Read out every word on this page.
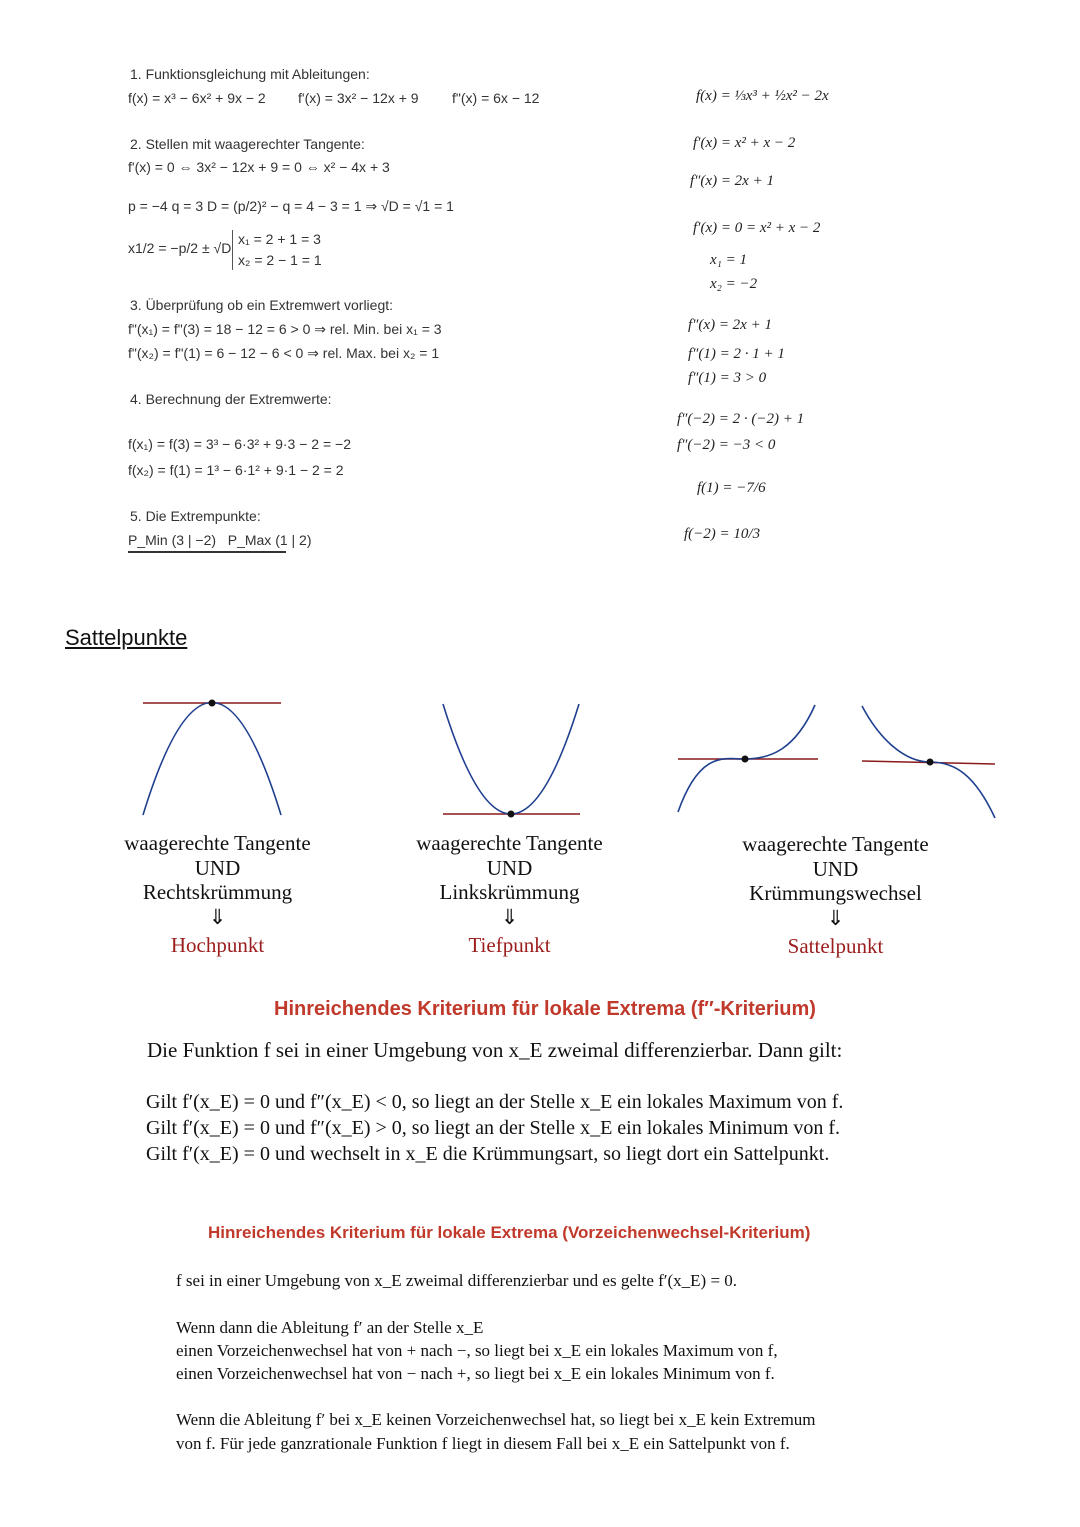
1. Funktionsgleichung mit Ableitungen:
f(x) = x³ − 6x² + 9x − 2 f'(x) = 3x² − 12x + 9 f"(x) = 6x − 12
2. Stellen mit waagerechter Tangente:
f'(x) = 0 ⇔ 3x² − 12x + 9 = 0 ⇔ x² − 4x + 3
p = −4 q = 3 D = (p/2)² − q = 4 − 3 = 1 ⇒ √D = √1 = 1
x1/2 = −p/2 ± √D
x₁ = 2 + 1 = 3
x₂ = 2 − 1 = 1
3. Überprüfung ob ein Extremwert vorliegt:
f"(x₁) = f"(3) = 18 − 12 = 6 > 0 ⇒ rel. Min. bei x₁ = 3
f"(x₂) = f"(1) = 6 − 12 − 6 < 0 ⇒ rel. Max. bei x₂ = 1
4. Berechnung der Extremwerte:
f(x₁) = f(3) = 3³ − 6·3² + 9·3 − 2 = −2
f(x₂) = f(1) = 1³ − 6·1² + 9·1 − 2 = 2
5. Die Extrempunkte:
P_Min (3 | −2) P_Max (1 | 2)
f(x) = ⅓x³ + ½x² − 2x
f′(x) = x² + x − 2
f″(x) = 2x + 1
f′(x) = 0 = x² + x − 2
x₁ = 1
x₂ = −2
f″(x) = 2x + 1
f″(1) = 2 · 1 + 1
f″(1) = 3 > 0
f″(−2) = 2 · (−2) + 1
f″(−2) = −3 < 0
f(1) = −7/6
f(−2) = 10/3
Sattelpunkte
waagerechte Tangente
UND
Rechtskrümmung
⇓
Hochpunkt
waagerechte Tangente
UND
Linkskrümmung
⇓
Tiefpunkt
waagerechte Tangente
UND
Krümmungswechsel
⇓
Sattelpunkt
Hinreichendes Kriterium für lokale Extrema (f″-Kriterium)
Die Funktion f sei in einer Umgebung von x_E zweimal differenzierbar. Dann gilt:
Gilt f′(x_E) = 0 und f″(x_E) < 0, so liegt an der Stelle x_E ein lokales Maximum von f.
Gilt f′(x_E) = 0 und f″(x_E) > 0, so liegt an der Stelle x_E ein lokales Minimum von f.
Gilt f′(x_E) = 0 und wechselt in x_E die Krümmungsart, so liegt dort ein Sattelpunkt.
Hinreichendes Kriterium für lokale Extrema (Vorzeichenwechsel-Kriterium)
f sei in einer Umgebung von x_E zweimal differenzierbar und es gelte f′(x_E) = 0.
Wenn dann die Ableitung f′ an der Stelle x_E
einen Vorzeichenwechsel hat von + nach −, so liegt bei x_E ein lokales Maximum von f,
einen Vorzeichenwechsel hat von − nach +, so liegt bei x_E ein lokales Minimum von f.
Wenn die Ableitung f′ bei x_E keinen Vorzeichenwechsel hat, so liegt bei x_E kein Extremum
von f. Für jede ganzrationale Funktion f liegt in diesem Fall bei x_E ein Sattelpunkt von f.
